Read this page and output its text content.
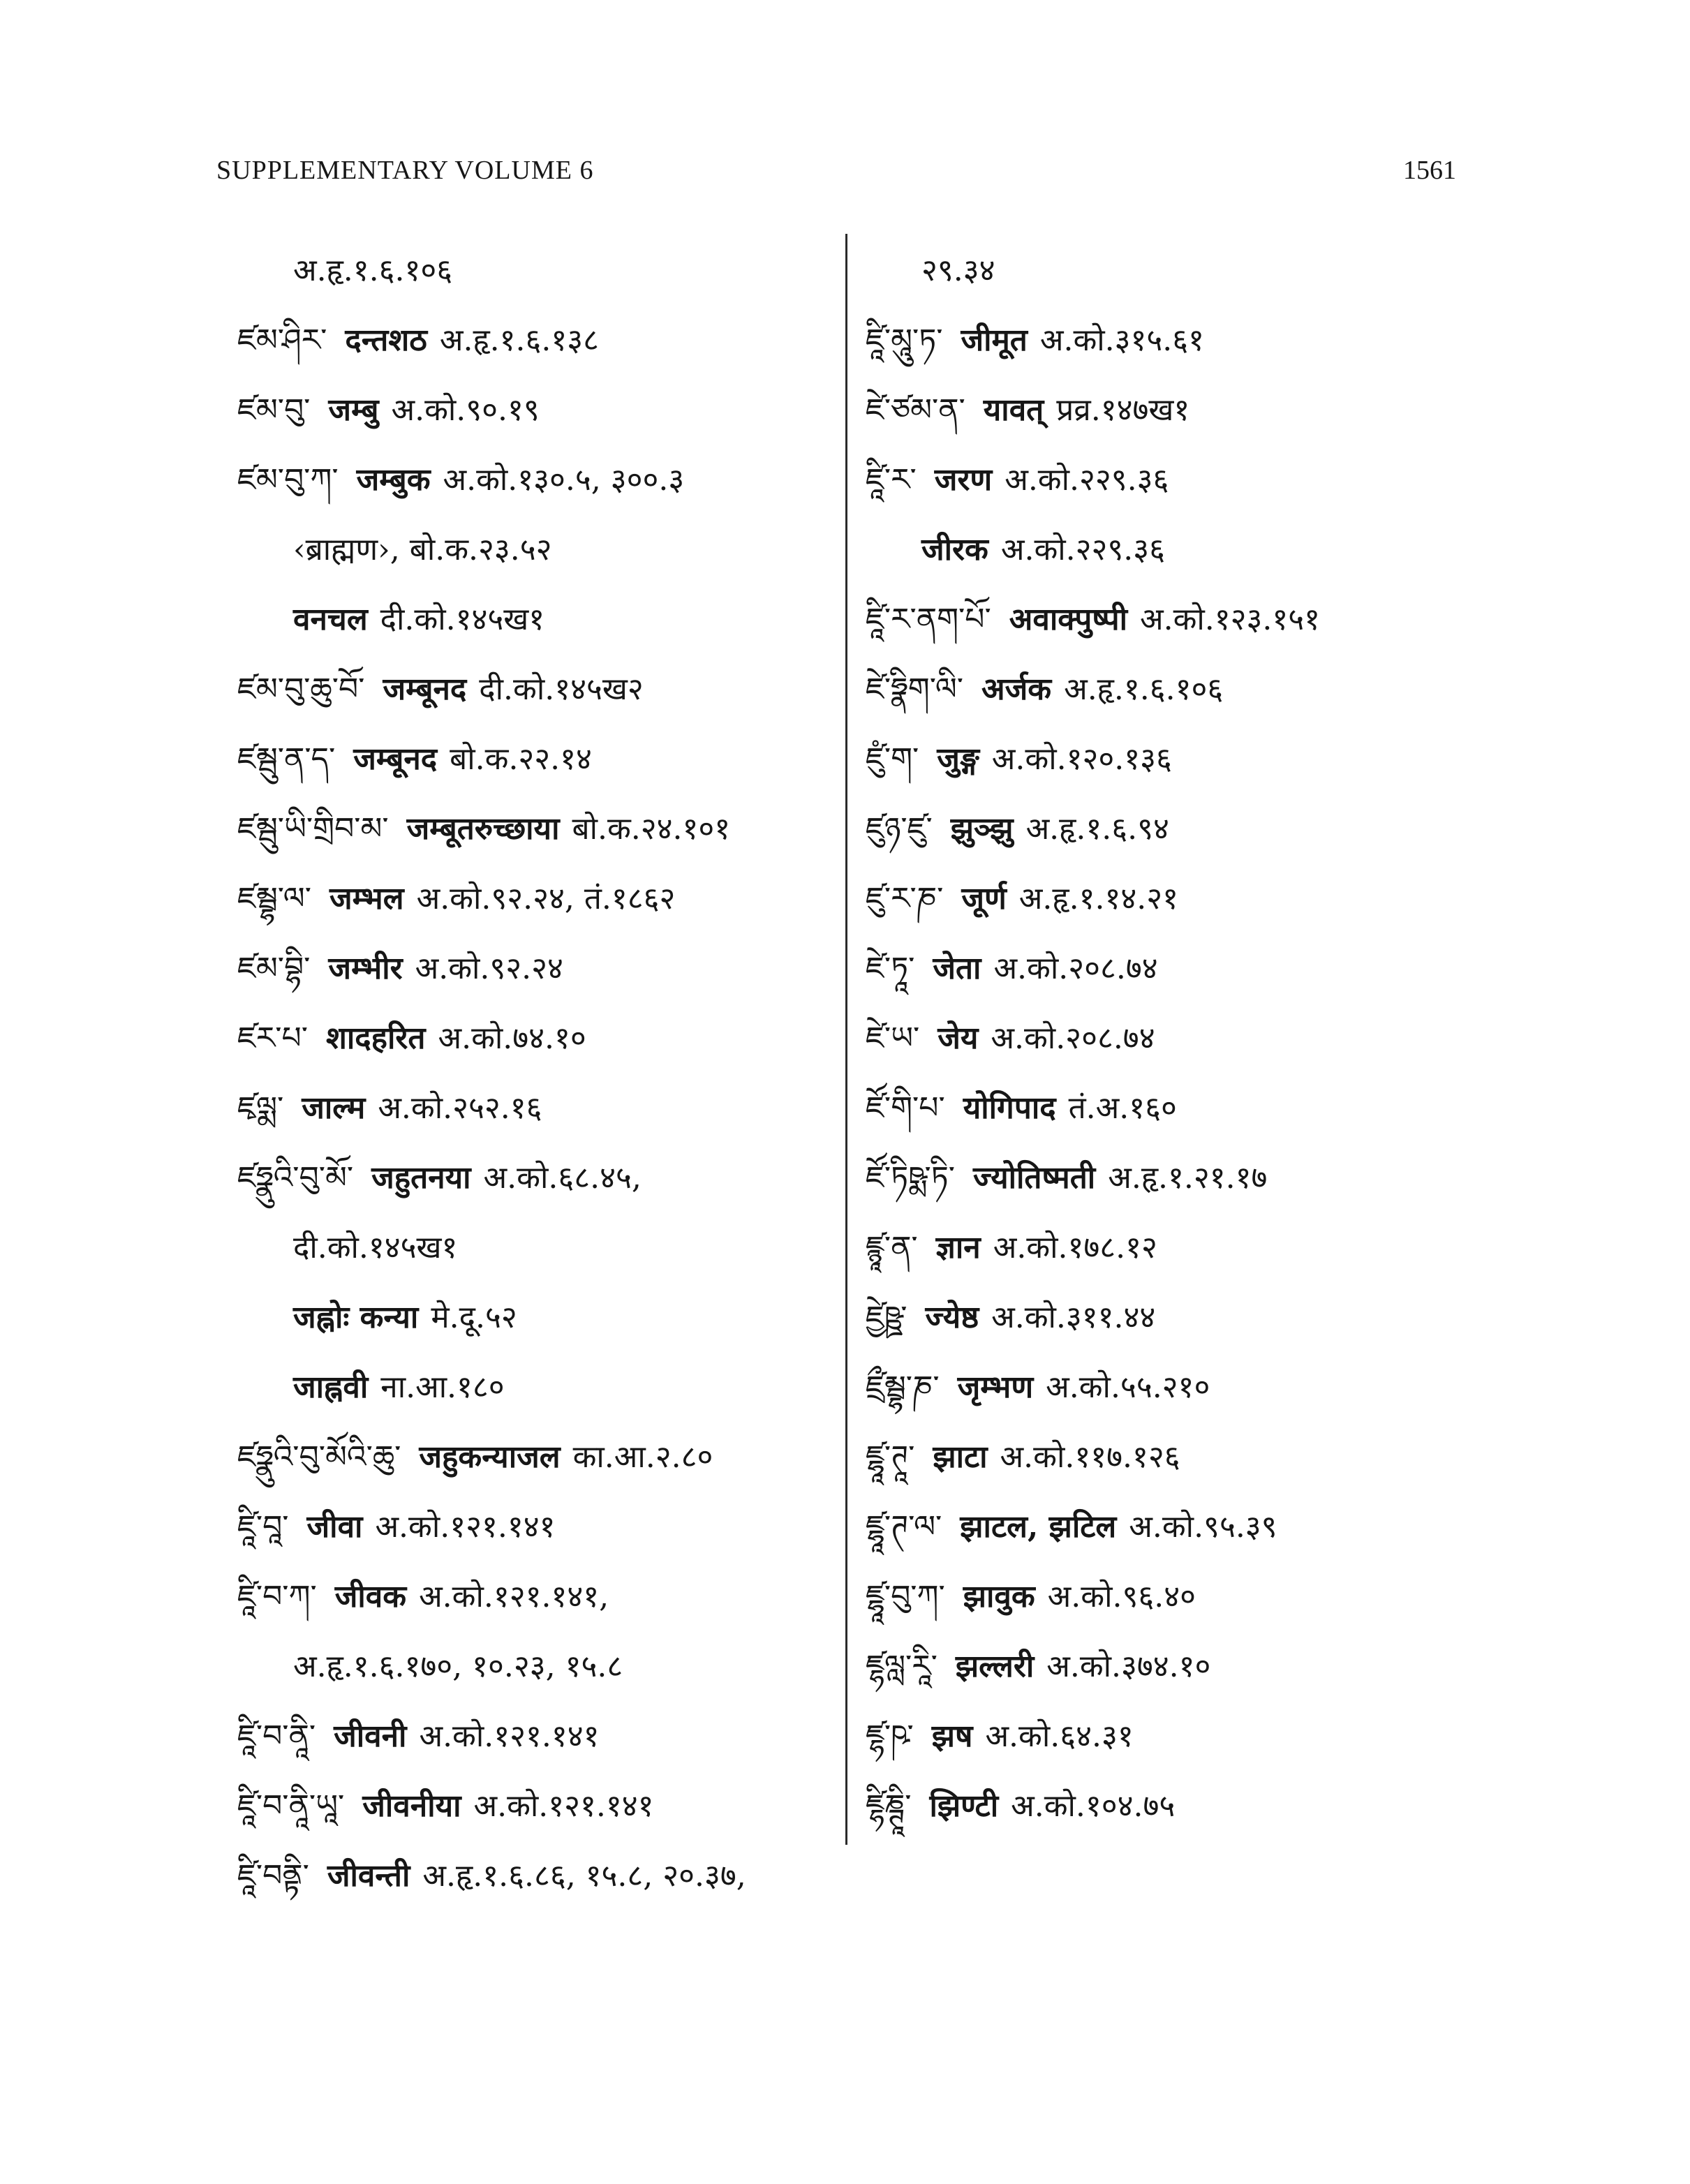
SUPPLEMENTARY VOLUME 6	1561
अ.हृ.१.६.१०६
ཛམ་ཤིར་ दन्तशठ अ.हृ.१.६.१३८
ཛམ་བུ་ जम्बु अ.को.९०.१९
ཛམ་བུ་ཀ་ जम्बुक अ.को.१३०.५, ३००.३
‹ब्राह्मण›, बो.क.२३.५२
वनचल दी.को.१४५ख१
ཛམ་བུ་ཆུ་བོ་ जम्बूनद दी.को.१४५ख२
ཛམྦུ་ན་ད་ जम्बूनद बो.क.२२.१४
ཛམྦུ་ཡི་གྲིབ་མ་ जम्बूतरुच्छाया बो.क.२४.१०१
ཛམྦྷ་ལ་ जम्भल अ.को.९२.२४, तं.१८६२
ཛམ་བྷི་ जम्भीर अ.को.९२.२४
ཛར་པ་ शादहरित अ.को.७४.१०
ཛྭལྨ་ जाल्म अ.को.२५२.१६
ཛཧྣུའི་བུ་མོ་ जहुतनया अ.को.६८.४५,
दी.को.१४५ख१
जह्नोः कन्या मे.दू.५२
जाह्नवी ना.आ.१८०
ཛཧྣུའི་བུ་མོའི་ཆུ་ जहुकन्याजल का.आ.२.८०
ཛཱི་བཱ་ जीवा अ.को.१२१.१४१
ཛཱི་བ་ཀ་ जीवक अ.को.१२१.१४१,
अ.हृ.१.६.१७०, १०.२३, १५.८
ཛཱི་བ་ནཱི་ जीवनी अ.को.१२१.१४१
ཛཱི་བ་ནཱི་ཡཱ་ जीवनीया अ.को.१२१.१४१
ཛཱི་བནྟི་ जीवन्ती अ.हृ.१.६.८६, १५.८, २०.३७,
२९.३४
ཛཱི་མཱུ་ཏ་ जीमूत अ.को.३१५.६१
ཛེ་ཙམ་ན་ यावत् प्रव्र.१४७ख१
ཛཱི་ར་ जरण अ.को.२२९.३६
जीरक अ.को.२२९.३६
ཛཱི་ར་ནག་པོ་ अवाक्पुष्पी अ.को.१२३.१५१
ཛེ་ཧྣིག་ལི་ अर्जक अ.हृ.१.६.१०६
ཛུཾ་ག་ जुङ्ग अ.को.१२०.१३६
ཛུཉ་ཛུ་ झुञ्झु अ.हृ.१.६.९४
ཛུ་ར་ཎ་ जूर्ण अ.हृ.१.१४.२१
ཛེ་ཏཱ་ जेता अ.को.२०८.७४
ཛེ་ཡ་ जेय अ.को.२०८.७४
ཛོ་གི་པ་ योगिपाद तं.अ.१६०
ཛོ་ཏིཥྨ་ཏི་ ज्योतिष्मती अ.हृ.१.२१.१७
ཛྙཱ་ན་ ज्ञान अ.को.१७८.१२
ཛྱེཥྛ་ ज्येष्ठ अ.को.३११.४४
ཛྲྀམྦྷ་ཎ་ जृम्भण अ.को.५५.२१०
ཛྷཱ་ཊཱ་ झाटा अ.को.११७.१२६
ཛྷཱ་ཊ་ལ་ झाटल, झटिल अ.को.९५.३९
ཛྷཱ་བུ་ཀ་ झावुक अ.को.९६.४०
ཛྷལླ་རཱི་ झल्लरी अ.को.३७४.१०
ཛྷ་ཥ་ झष अ.को.६४.३१
ཛྷིཎྚཱི་ झिण्टी अ.को.१०४.७५
